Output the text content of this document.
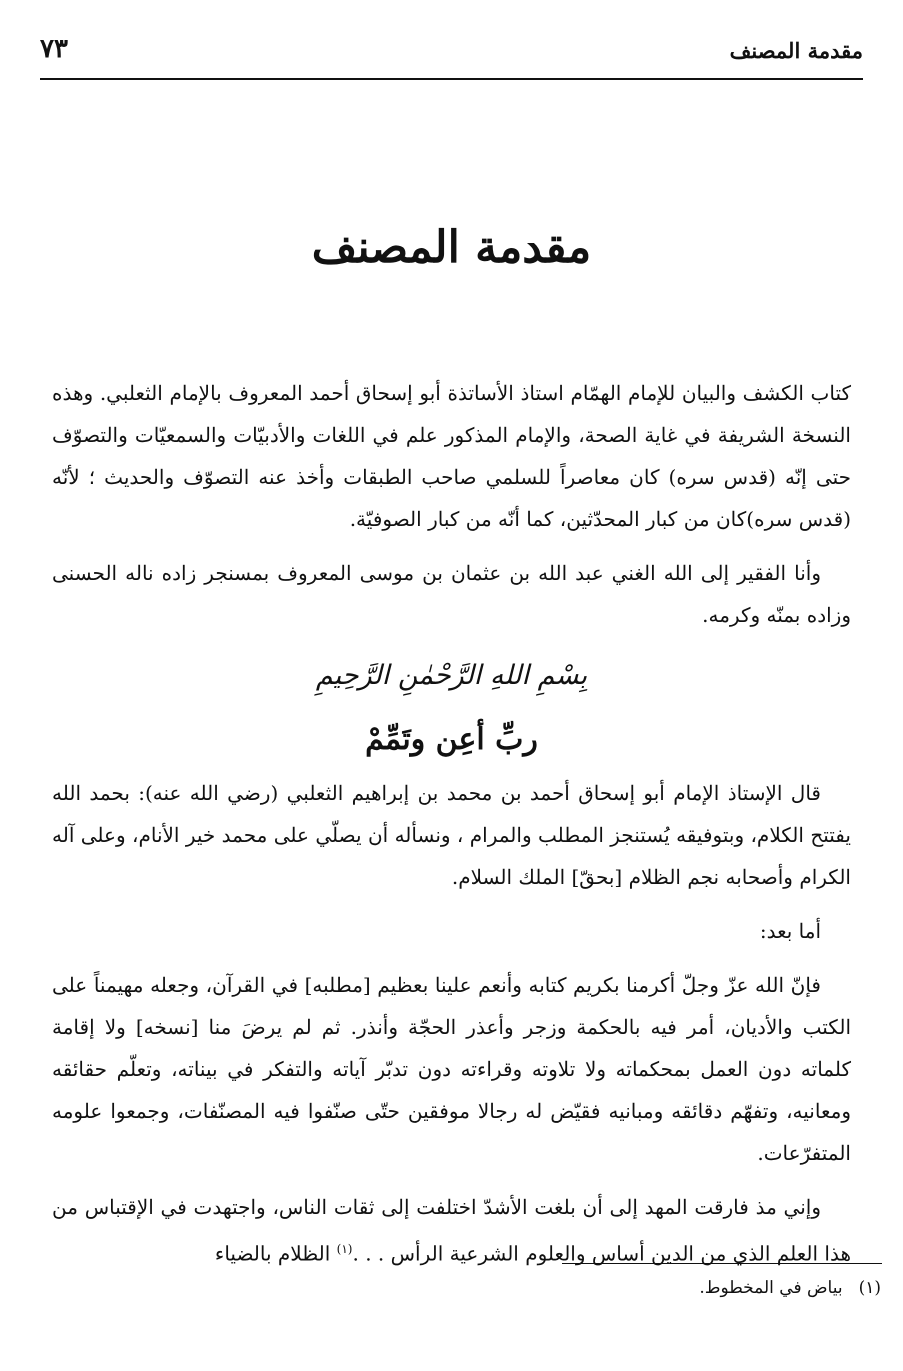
مقدمة المصنف
٧٣
مقدمة المصنف

كتاب الكشف والبيان للإمام الهمّام استاذ الأساتذة أبو إسحاق أحمد المعروف بالإمام الثعلبي. وهذه النسخة الشريفة في غاية الصحة، والإمام المذكور علم في اللغات والأدبيّات والسمعيّات والتصوّف حتى إنّه (قدس سره) كان معاصراً للسلمي صاحب الطبقات وأخذ عنه التصوّف والحديث ؛ لأنّه (قدس سره)كان من كبار المحدّثين، كما أنّه من كبار الصوفيّة.

وأنا الفقير إلى الله الغني عبد الله بن عثمان بن موسى المعروف بمسنجر زاده ناله الحسنى وزاده بمنّه وكرمه.

بِسْمِ اللهِ الرَّحْمٰنِ الرَّحِيمِ
ربِّ أعِن وتَمِّمْ

قال الإستاذ الإمام أبو إسحاق أحمد بن محمد بن إبراهيم الثعلبي (رضي الله عنه): بحمد الله يفتتح الكلام، وبتوفيقه يُستنجز المطلب والمرام ، ونسأله أن يصلّي على محمد خير الأنام، وعلى آله الكرام وأصحابه نجم الظلام [بحقّ] الملك السلام.

أما بعد:

فإنّ الله عزّ وجلّ أكرمنا بكريم كتابه وأنعم علينا بعظيم [مطلبه] في القرآن، وجعله مهيمناً على الكتب والأديان، أمر فيه بالحكمة وزجر وأعذر الحجّة وأنذر. ثم لم يرضَ منا [نسخه] ولا إقامة كلماته دون العمل بمحكماته ولا تلاوته وقراءته دون تدبّر آياته والتفكر في بيناته، وتعلّم حقائقه ومعانيه، وتفهّم دقائقه ومبانيه فقيّض له رجالا موفقين حتّى صنّفوا فيه المصنّفات، وجمعوا علومه المتفرّعات.

وإني مذ فارقت المهد إلى أن بلغت الأشدّ اختلفت إلى ثقات الناس، واجتهدت في الإقتباس من هذا العلم الذي من الدين أساس والعلوم الشرعية الرأس . . .$^{(١)}$ الظلام بالضياء

(١)بياض في المخطوط.
